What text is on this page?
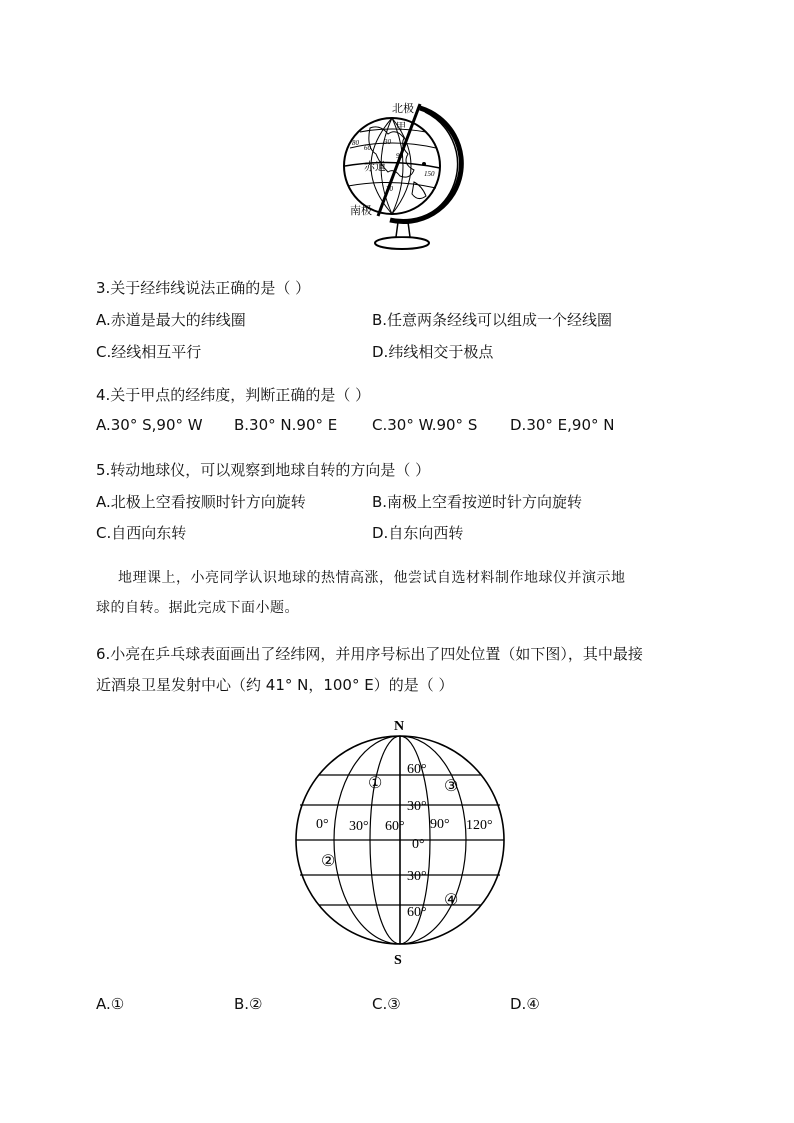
北极
南极
赤道
甲
80
60
30
30
90
150
3.关于经纬线说法正确的是（ ）
A.赤道是最大的纬线圈	B.任意两条经线可以组成一个经线圈
C.经线相互平行	D.纬线相交于极点
4.关于甲点的经纬度，判断正确的是（ ）
A.30° S,90° W B.30° N.90° E C.30° W.90° S D.30° E,90° N
5.转动地球仪，可以观察到地球自转的方向是（ ）
A.北极上空看按顺时针方向旋转	B.南极上空看按逆时针方向旋转
C.自西向东转	D.自东向西转
地理课上，小亮同学认识地球的热情高涨，他尝试自选材料制作地球仪并演示地
球的自转。据此完成下面小题。
6.小亮在乒乓球表面画出了经纬网，并用序号标出了四处位置（如下图），其中最接
近酒泉卫星发射中心（约 41° N，100° E）的是（ ）
N
S
60°
30°
0°
30°
60°
0° 30° 60° 90° 120°
①
②
③
④
A.①	B.②	C.③	D.④
